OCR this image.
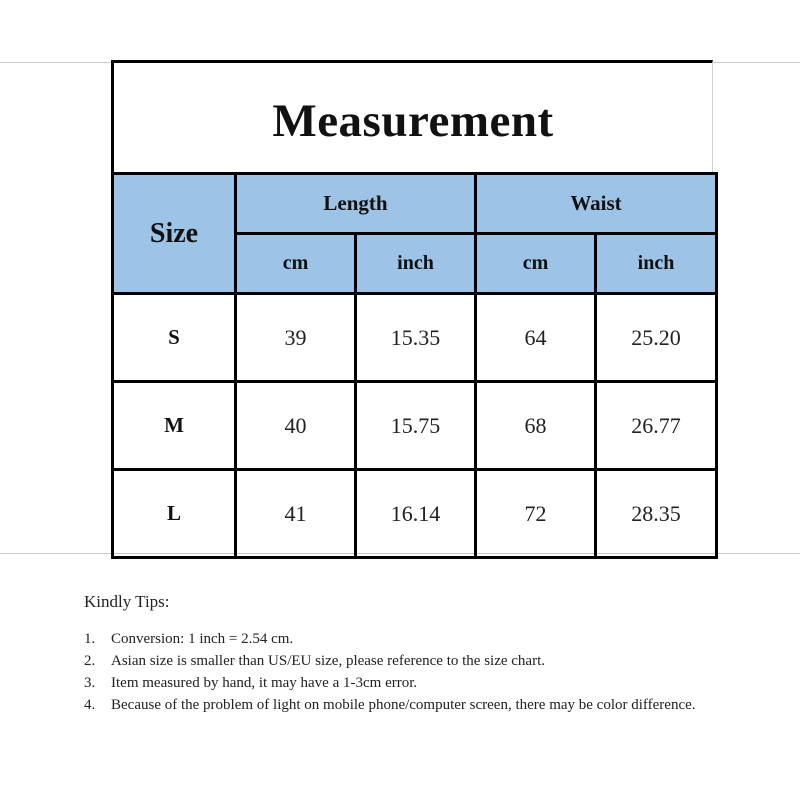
Measurement
Size	Length		Waist	
	cm	inch	cm	inch
S	39	15.35	64	25.20
M	40	15.75	68	26.77
L	41	16.14	72	28.35
Kindly Tips:
1.	Conversion: 1 inch = 2.54 cm.
2.	Asian size is smaller than US/EU size, please reference to the size chart.
3.	Item measured by hand, it may have a 1-3cm error.
4.	Because of the problem of light on mobile phone/computer screen, there may be color difference.
